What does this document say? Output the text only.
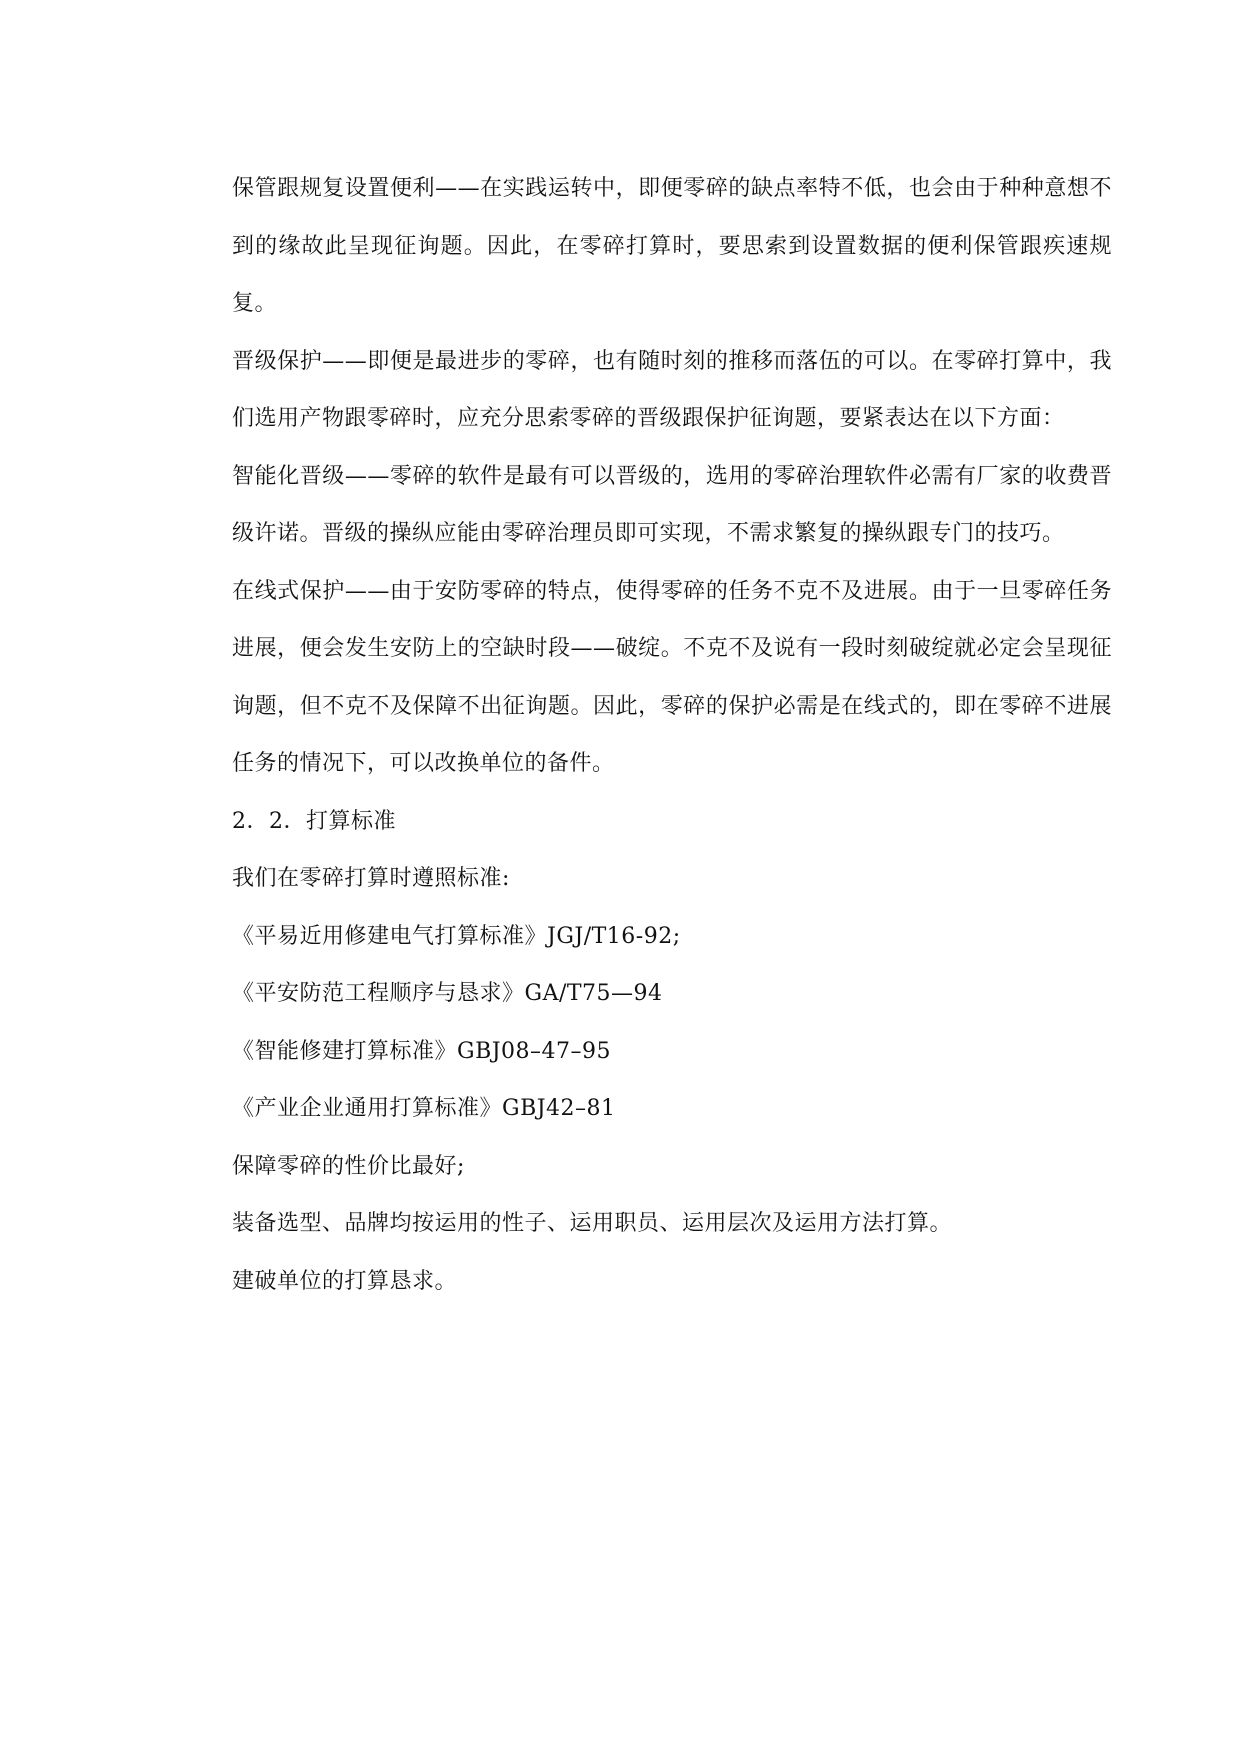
保管跟规复设置便利——在实践运转中，即便零碎的缺点率特不低，也会由于种种意想不到的缘故此呈现征询题。因此，在零碎打算时，要思索到设置数据的便利保管跟疾速规复。

晋级保护——即便是最进步的零碎，也有随时刻的推移而落伍的可以。在零碎打算中，我们选用产物跟零碎时，应充分思索零碎的晋级跟保护征询题，要紧表达在以下方面：

智能化晋级——零碎的软件是最有可以晋级的，选用的零碎治理软件必需有厂家的收费晋级许诺。晋级的操纵应能由零碎治理员即可实现，不需求繁复的操纵跟专门的技巧。

在线式保护——由于安防零碎的特点，使得零碎的任务不克不及进展。由于一旦零碎任务进展，便会发生安防上的空缺时段——破绽。不克不及说有一段时刻破绽就必定会呈现征询题，但不克不及保障不出征询题。因此，零碎的保护必需是在线式的，即在零碎不进展任务的情况下，可以改换单位的备件。

2．2．打算标准

我们在零碎打算时遵照标准:

《平易近用修建电气打算标准》JGJ/T16-92;

《平安防范工程顺序与恳求》GA/T75—94

《智能修建打算标准》GBJ08–47–95

《产业企业通用打算标准》GBJ42–81

保障零碎的性价比最好;

装备选型、品牌均按运用的性子、运用职员、运用层次及运用方法打算。

建破单位的打算恳求。
